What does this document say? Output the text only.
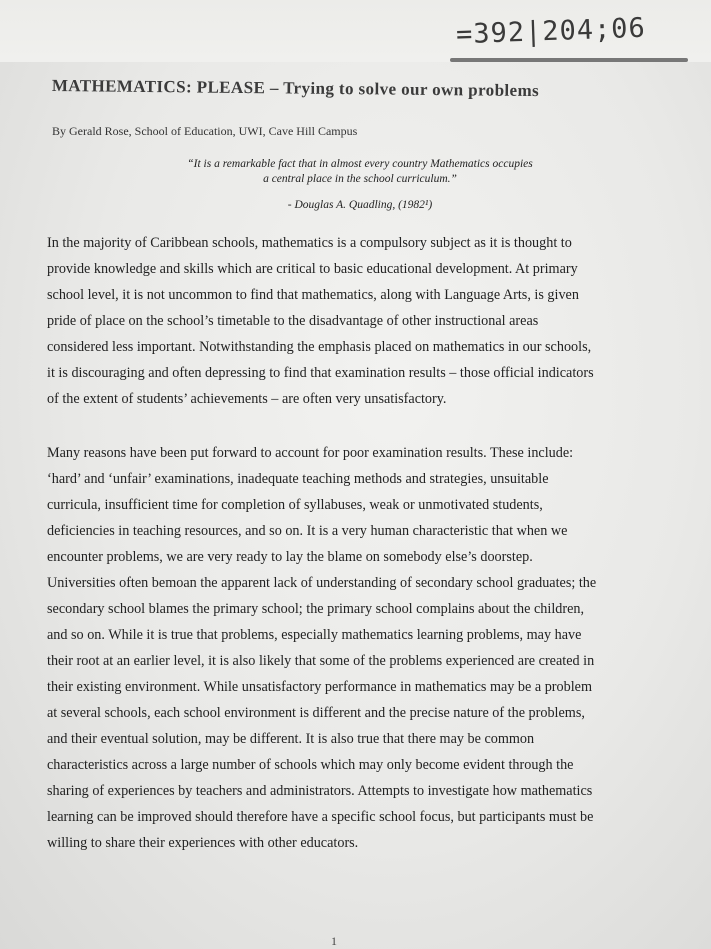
=392|204;06
MATHEMATICS: PLEASE – Trying to solve our own problems
By Gerald Rose, School of Education, UWI, Cave Hill Campus
“It is a remarkable fact that in almost every country Mathematics occupies
a central place in the school curriculum.”
- Douglas A. Quadling, (1982¹)
In the majority of Caribbean schools, mathematics is a compulsory subject as it is thought to
provide knowledge and skills which are critical to basic educational development. At primary
school level, it is not uncommon to find that mathematics, along with Language Arts, is given
pride of place on the school’s timetable to the disadvantage of other instructional areas
considered less important. Notwithstanding the emphasis placed on mathematics in our schools,
it is discouraging and often depressing to find that examination results – those official indicators
of the extent of students’ achievements – are often very unsatisfactory.
Many reasons have been put forward to account for poor examination results. These include:
‘hard’ and ‘unfair’ examinations, inadequate teaching methods and strategies, unsuitable
curricula, insufficient time for completion of syllabuses, weak or unmotivated students,
deficiencies in teaching resources, and so on. It is a very human characteristic that when we
encounter problems, we are very ready to lay the blame on somebody else’s doorstep.
Universities often bemoan the apparent lack of understanding of secondary school graduates; the
secondary school blames the primary school; the primary school complains about the children,
and so on. While it is true that problems, especially mathematics learning problems, may have
their root at an earlier level, it is also likely that some of the problems experienced are created in
their existing environment. While unsatisfactory performance in mathematics may be a problem
at several schools, each school environment is different and the precise nature of the problems,
and their eventual solution, may be different. It is also true that there may be common
characteristics across a large number of schools which may only become evident through the
sharing of experiences by teachers and administrators. Attempts to investigate how mathematics
learning can be improved should therefore have a specific school focus, but participants must be
willing to share their experiences with other educators.
1
